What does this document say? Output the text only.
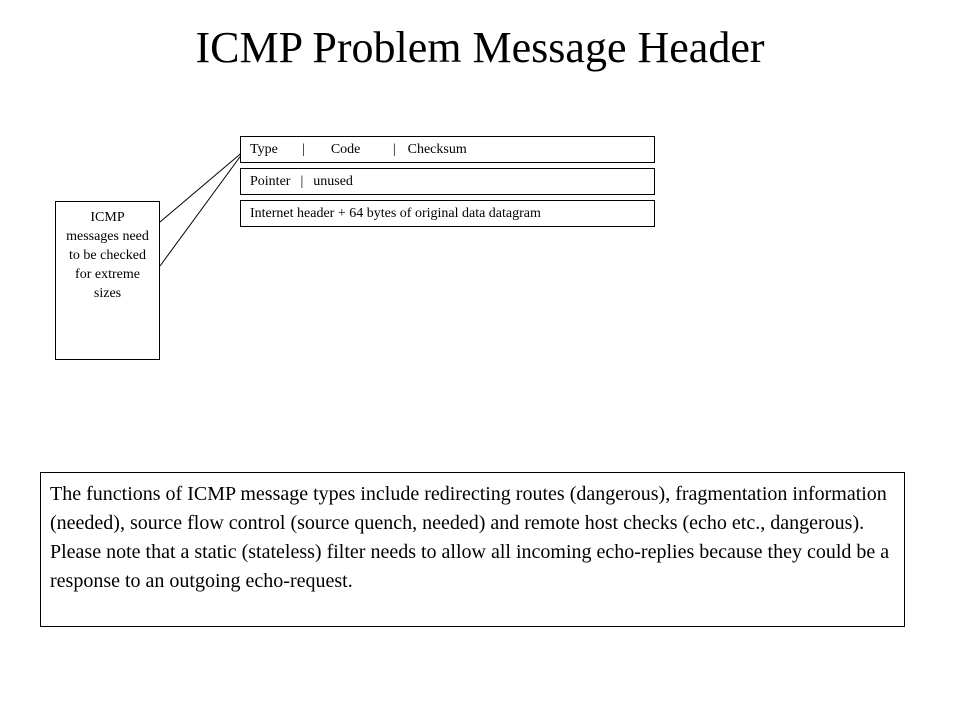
ICMP Problem Message Header
Type | Code | Checksum
Pointer | unused
Internet header + 64 bytes of original data datagram
ICMP messages need to be checked for extreme sizes
The functions of ICMP message types include redirecting routes (dangerous), fragmentation information (needed), source flow control (source quench, needed) and remote host checks (echo etc., dangerous). Please note that a static (stateless) filter needs to allow all incoming echo-replies because they could be a response to an outgoing echo-request.
